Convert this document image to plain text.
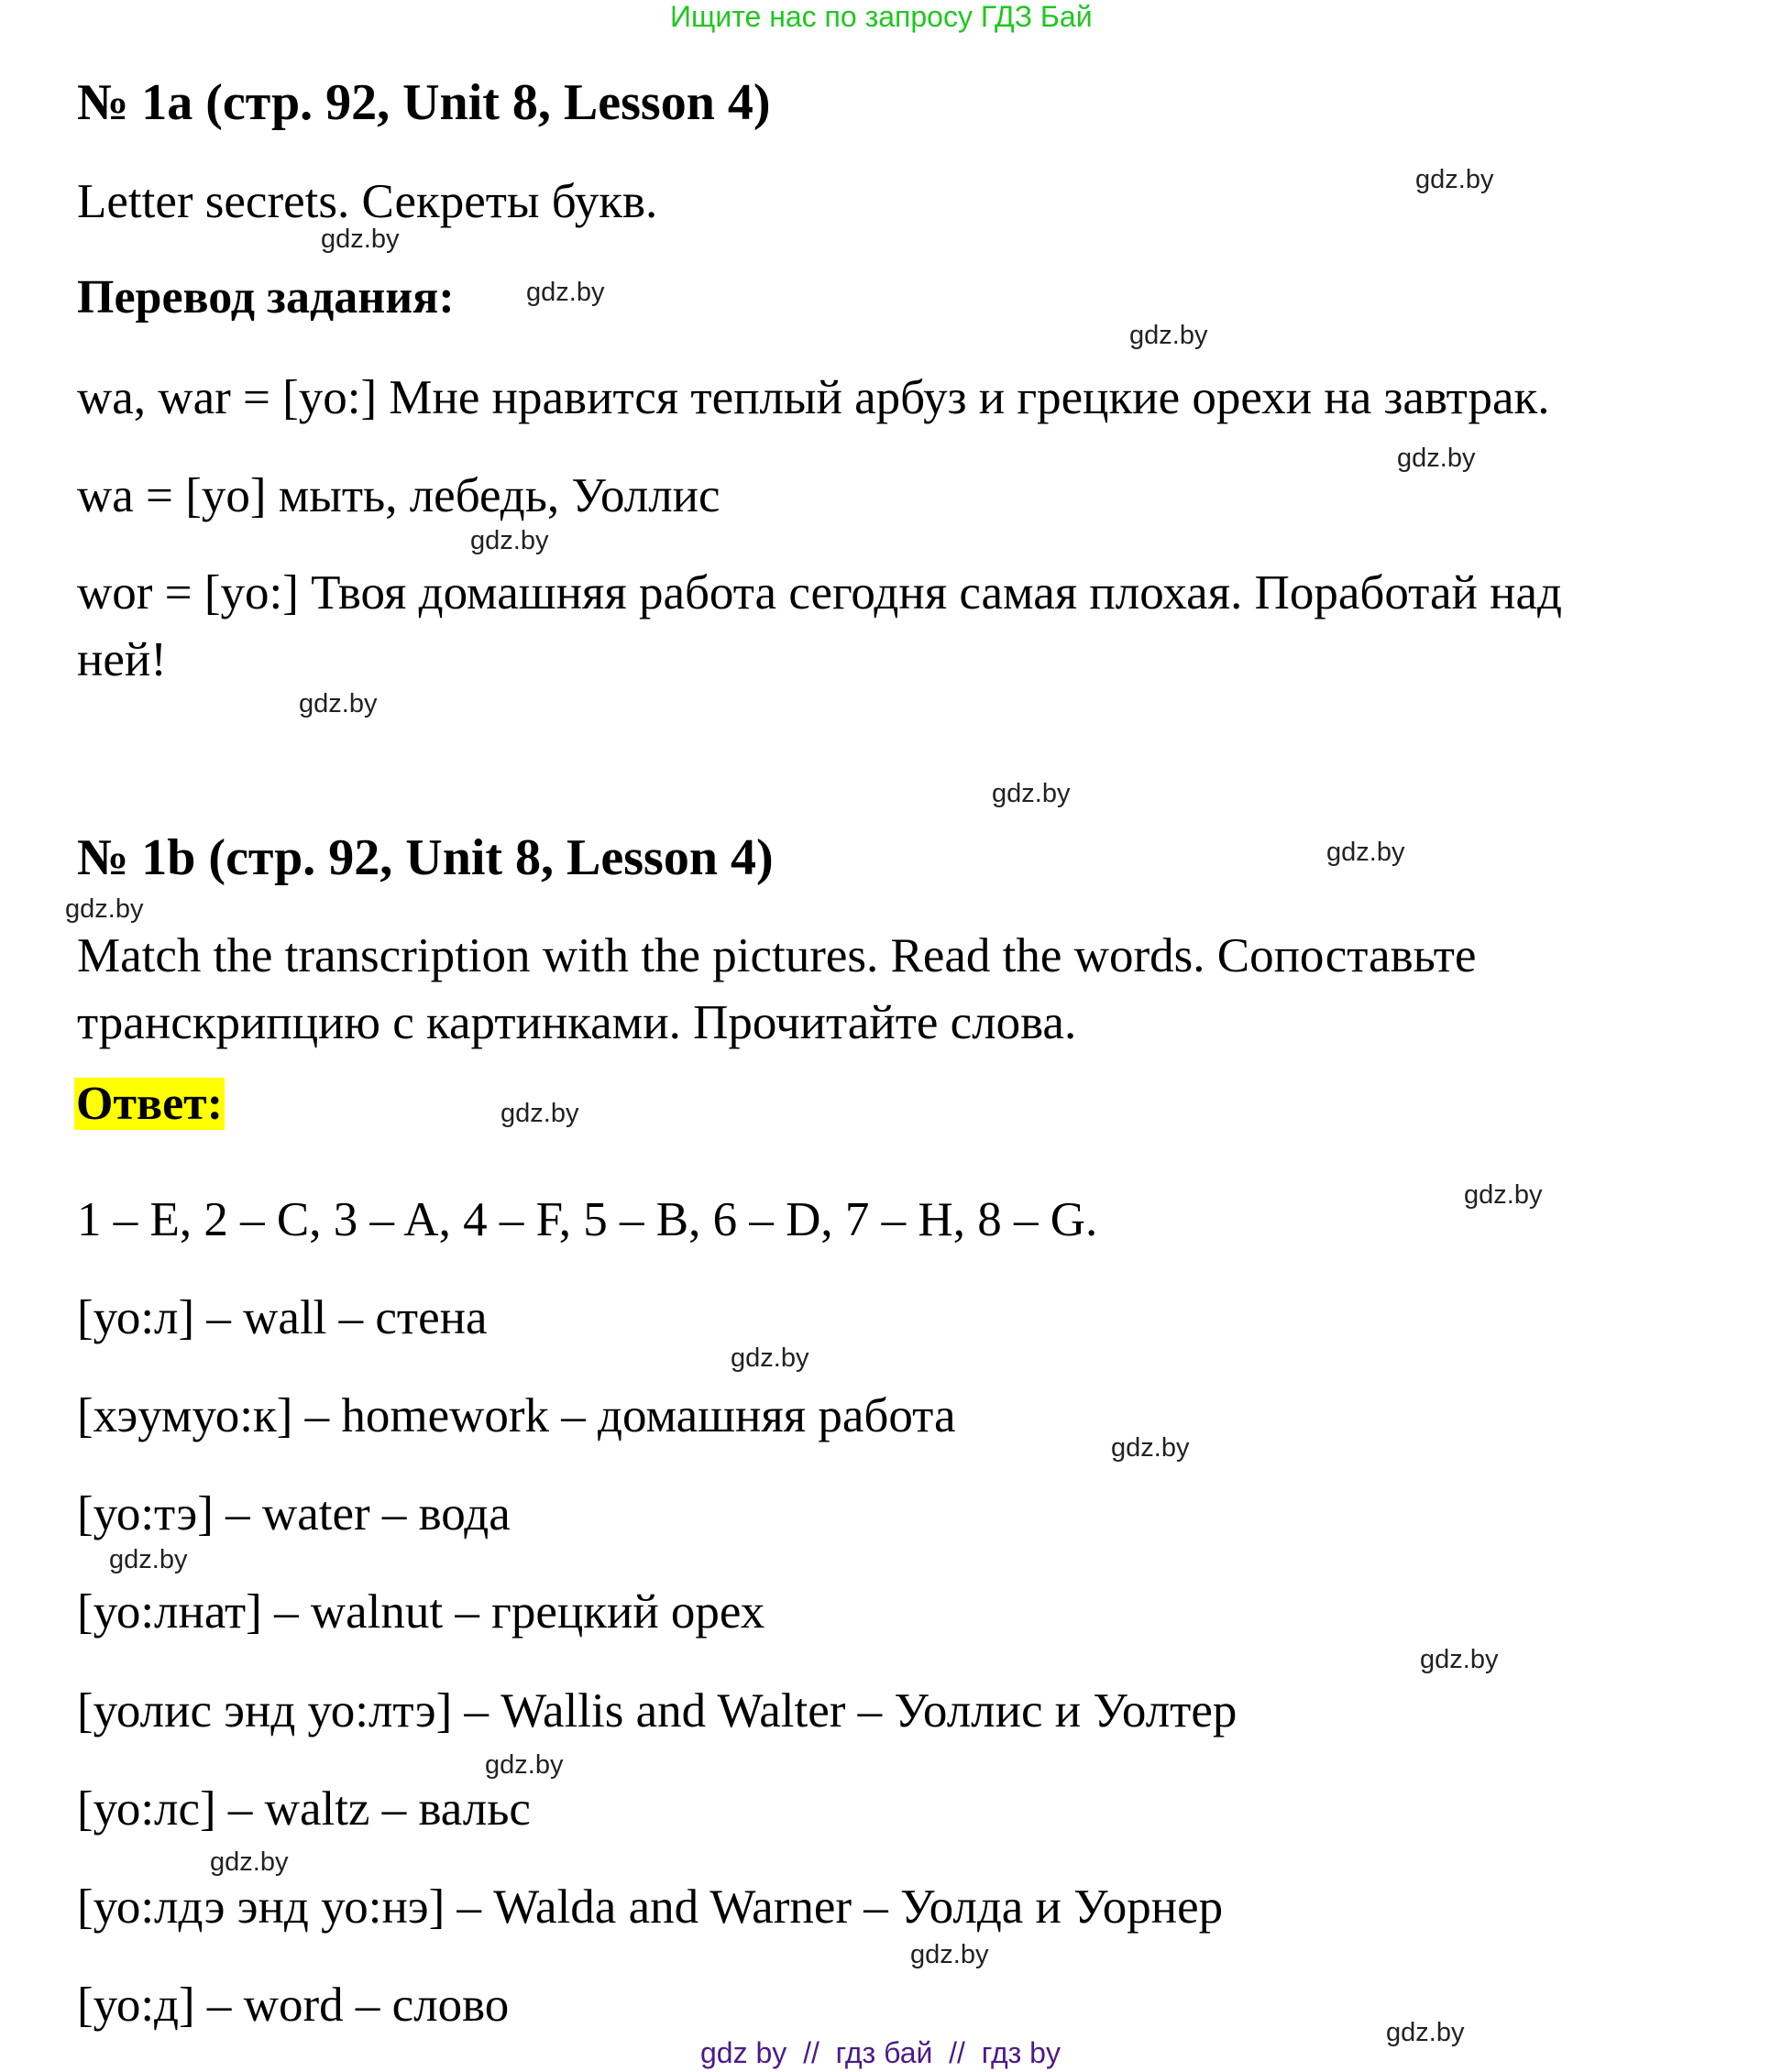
Ищите нас по запросу ГДЗ Бай
№ 1a (стр. 92, Unit 8, Lesson 4)
Letter secrets. Секреты букв.
Перевод задания:
wa, war = [yo:] Мне нравится теплый арбуз и грецкие орехи на завтрак.
wa = [yo] мыть, лебедь, Уоллис
wor = [yo:] Твоя домашняя работа сегодня самая плохая. Поработай над
ней!
№ 1b (стр. 92, Unit 8, Lesson 4)
Match the transcription with the pictures. Read the words. Сопоставьте
транскрипцию с картинками. Прочитайте слова.
Ответ:
1 – E, 2 – C, 3 – A, 4 – F, 5 – B, 6 – D, 7 – H, 8 – G.
[уо:л] – wall – стена
[хэумуо:к] – homework – домашняя работа
[уо:тэ] – water – вода
[уо:лнат] – walnut – грецкий орех
[уолис энд уо:лтэ] – Wallis and Walter – Уоллис и Уолтер
[уо:лс] – waltz – вальс
[уо:лдэ энд уо:нэ] – Walda and Warner – Уолда и Уорнер
[уо:д] – word – слово
gdz.by
gdz.by
gdz.by
gdz.by
gdz.by
gdz.by
gdz.by
gdz.by
gdz.by
gdz.by
gdz.by
gdz.by
gdz.by
gdz.by
gdz.by
gdz.by
gdz.by
gdz.by
gdz.by
gdz.by
gdz by  //  гдз бай  //  гдз by
